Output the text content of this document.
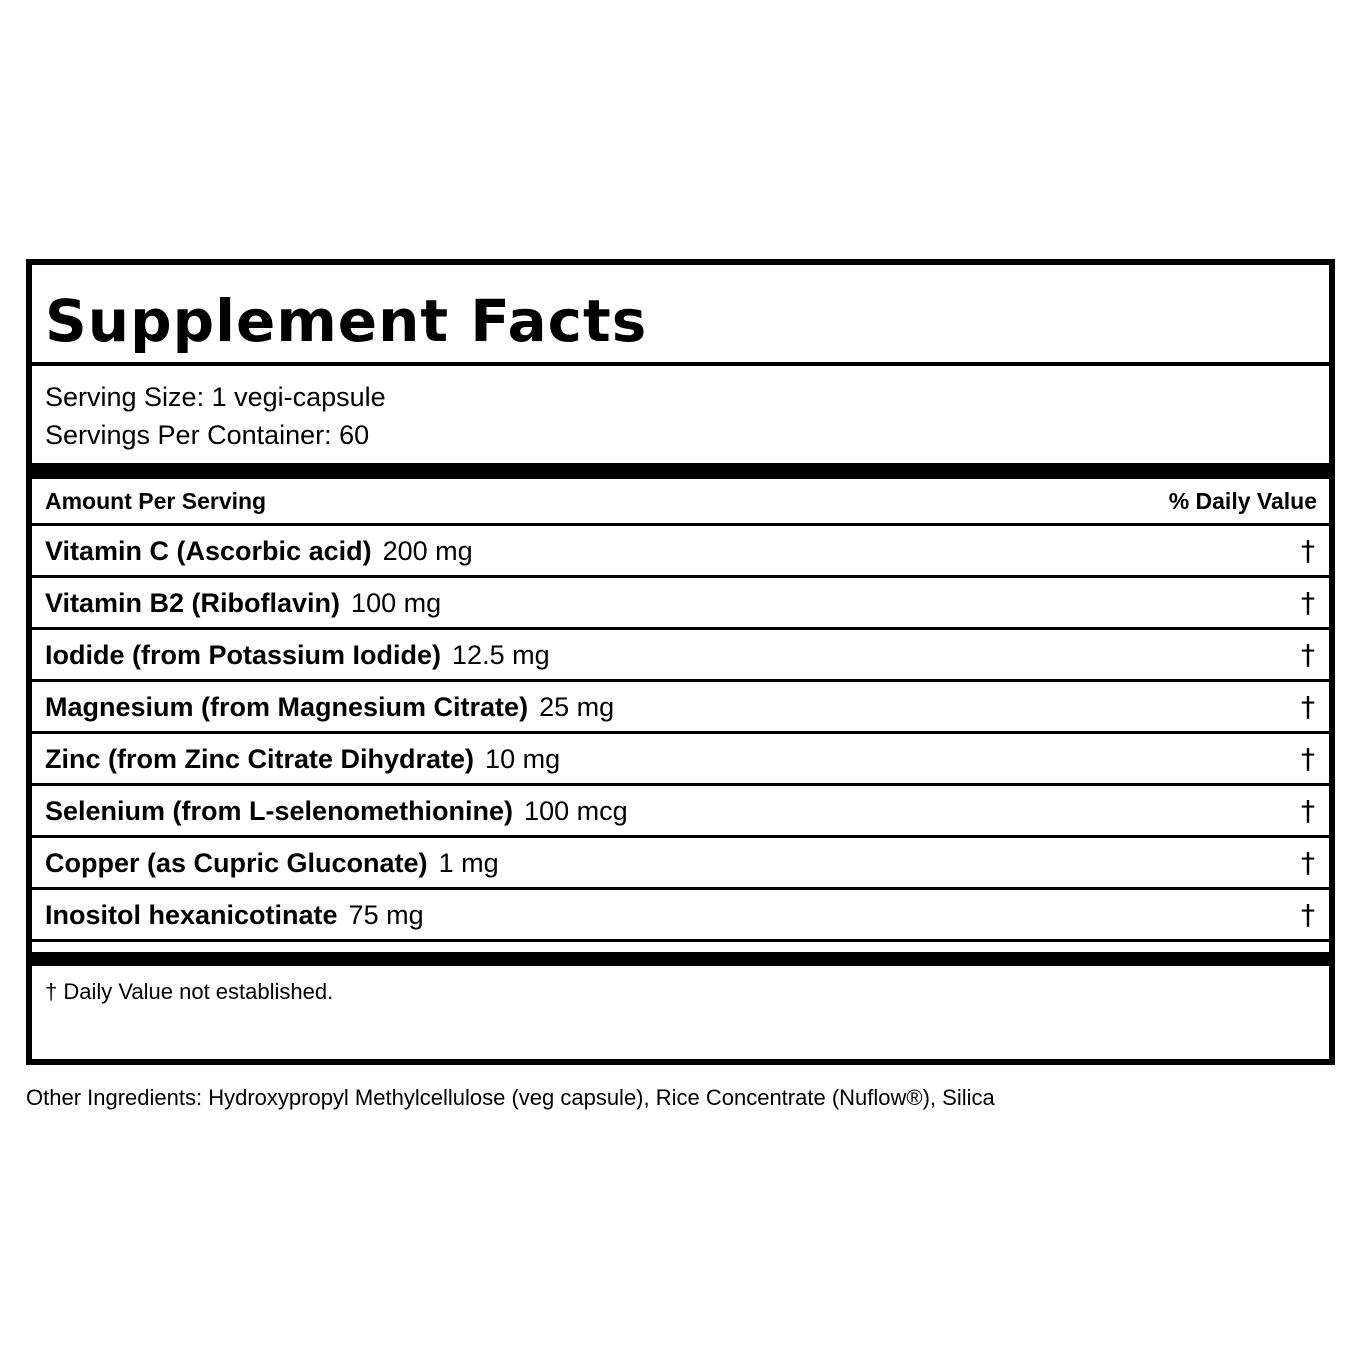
Supplement Facts
Serving Size: 1 vegi-capsule
Servings Per Container: 60
Amount Per Serving	% Daily Value
Vitamin C (Ascorbic acid) 200 mg	†
Vitamin B2 (Riboflavin) 100 mg	†
Iodide (from Potassium Iodide) 12.5 mg	†
Magnesium (from Magnesium Citrate) 25 mg	†
Zinc (from Zinc Citrate Dihydrate) 10 mg	†
Selenium (from L-selenomethionine) 100 mcg	†
Copper (as Cupric Gluconate) 1 mg	†
Inositol hexanicotinate 75 mg	†
† Daily Value not established.
Other Ingredients: Hydroxypropyl Methylcellulose (veg capsule), Rice Concentrate (Nuflow®), Silica
